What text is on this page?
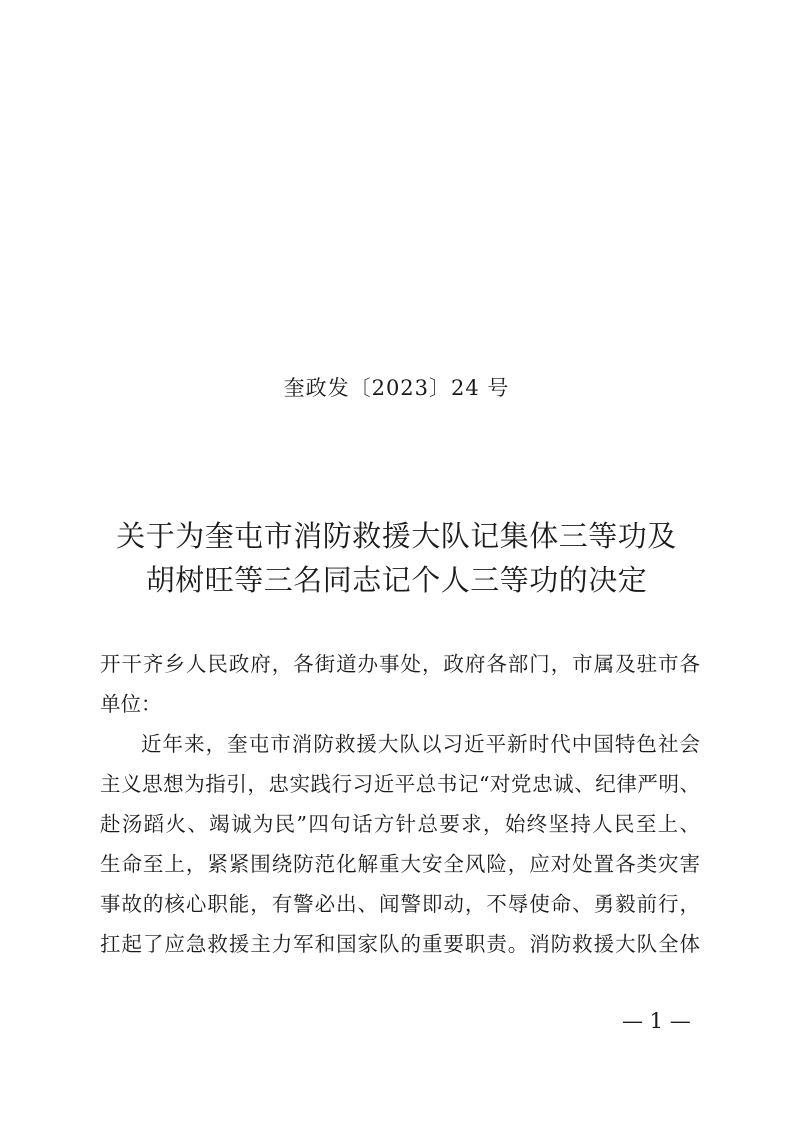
奎政发〔2023〕24 号
关于为奎屯市消防救援大队记集体三等功及
胡树旺等三名同志记个人三等功的决定
开干齐乡人民政府，各街道办事处，政府各部门，市属及驻市各
单位：
近年来，奎屯市消防救援大队以习近平新时代中国特色社会
主义思想为指引，忠实践行习近平总书记“对党忠诚、纪律严明、
赴汤蹈火、竭诚为民”四句话方针总要求，始终坚持人民至上、
生命至上，紧紧围绕防范化解重大安全风险，应对处置各类灾害
事故的核心职能，有警必出、闻警即动，不辱使命、勇毅前行，
扛起了应急救援主力军和国家队的重要职责。消防救援大队全体
— 1 —
